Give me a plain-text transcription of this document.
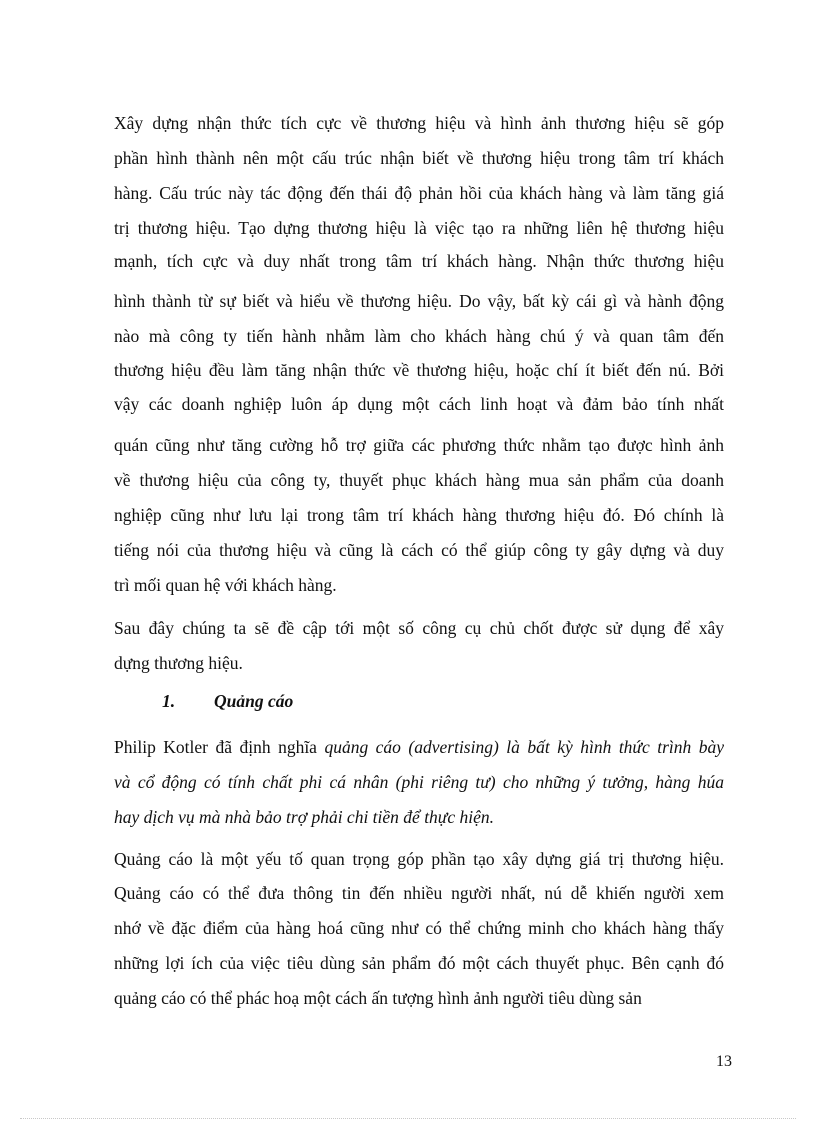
Xây dựng nhận thức tích cực về thương hiệu và hình ảnh thương hiệu sẽ góp
phần hình thành nên một cấu trúc nhận biết về thương hiệu trong tâm trí khách
hàng. Cấu trúc này tác động đến thái độ phản hồi của khách hàng và làm tăng giá
trị thương hiệu. Tạo dựng thương hiệu là việc tạo ra những liên hệ thương hiệu
mạnh, tích cực và duy nhất trong tâm trí khách hàng. Nhận thức thương hiệu
hình thành từ sự biết và hiểu về thương hiệu. Do vậy, bất kỳ cái gì và hành động
nào mà công ty tiến hành nhằm làm cho khách hàng chú ý và quan tâm đến
thương hiệu đều làm tăng nhận thức về thương hiệu, hoặc chí ít biết đến nú. Bởi
vậy các doanh nghiệp luôn áp dụng một cách linh hoạt và đảm bảo tính nhất
quán cũng như tăng cường hỗ trợ giữa các phương thức nhằm tạo được hình ảnh
về thương hiệu của công ty, thuyết phục khách hàng mua sản phẩm của doanh
nghiệp cũng như lưu lại trong tâm trí khách hàng thương hiệu đó. Đó chính là
tiếng nói của thương hiệu và cũng là cách có thể giúp công ty gây dựng và duy
trì mối quan hệ với khách hàng.
Sau đây chúng ta sẽ đề cập tới một số công cụ chủ chốt được sử dụng để xây
dựng thương hiệu.
1. Quảng cáo
Philip Kotler đã định nghĩa quảng cáo (advertising) là bất kỳ hình thức trình bày
và cổ động có tính chất phi cá nhân (phi riêng tư) cho những ý tưởng, hàng húa
hay dịch vụ mà nhà bảo trợ phải chi tiền để thực hiện.
Quảng cáo là một yếu tố quan trọng góp phần tạo xây dựng giá trị thương hiệu.
Quảng cáo có thể đưa thông tin đến nhiều người nhất, nú dễ khiến người xem
nhớ về đặc điểm của hàng hoá cũng như có thể chứng minh cho khách hàng thấy
những lợi ích của việc tiêu dùng sản phẩm đó một cách thuyết phục. Bên cạnh đó
quảng cáo có thể phác hoạ một cách ấn tượng hình ảnh người tiêu dùng sản
13
